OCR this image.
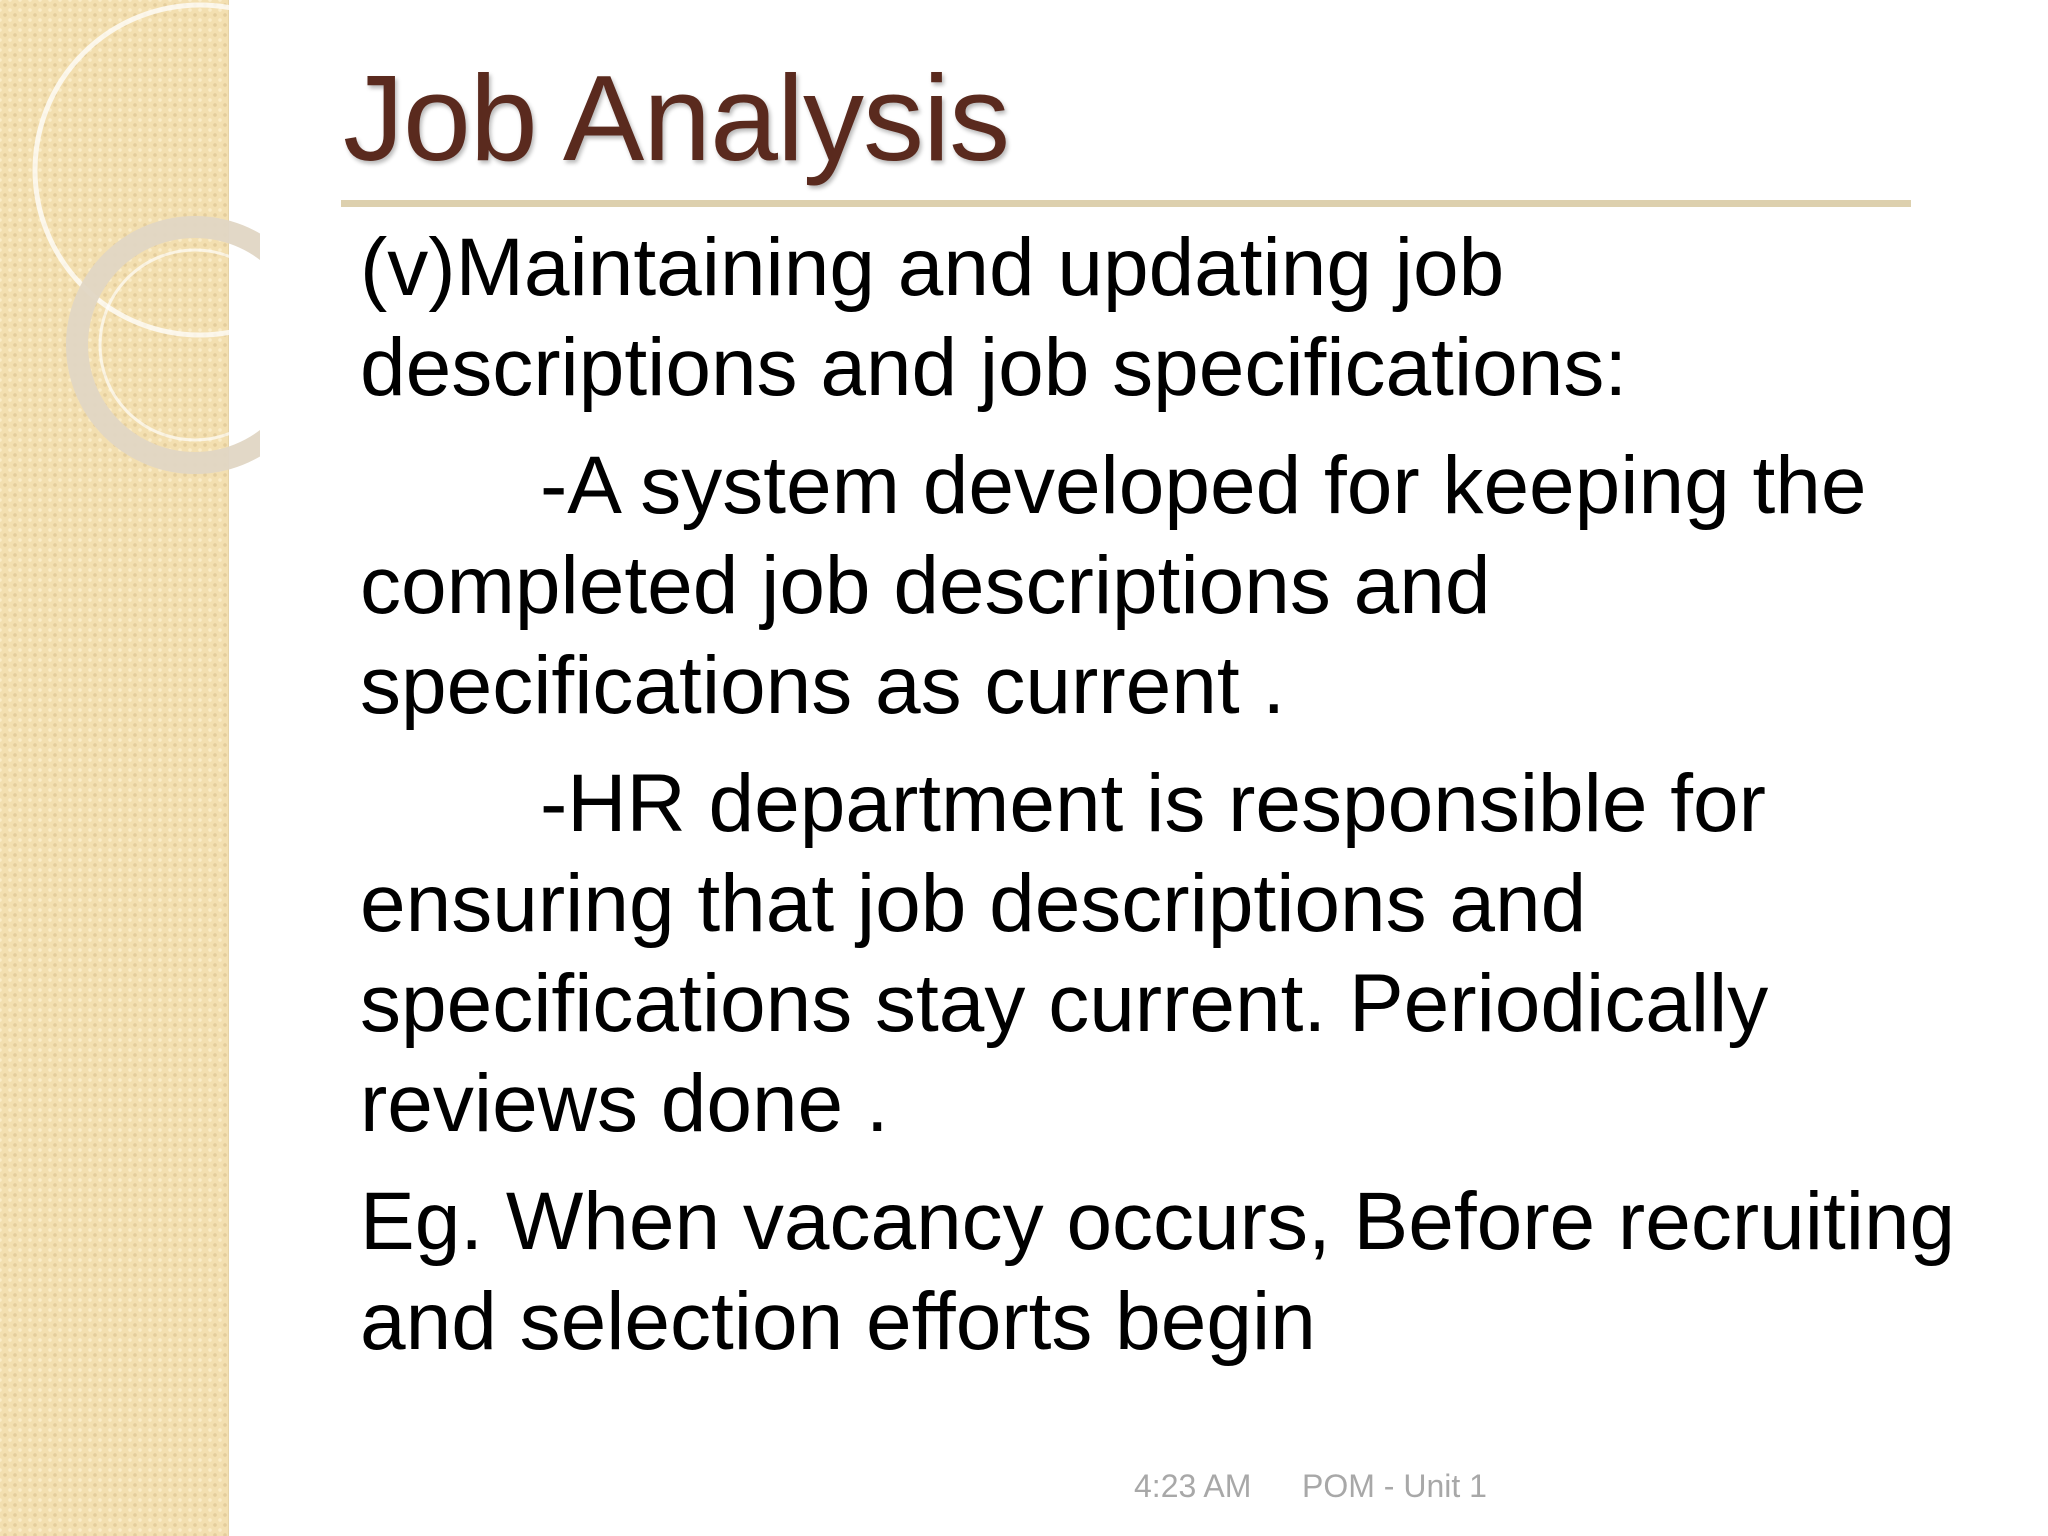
Job Analysis

(v)Maintaining and updating job descriptions and job specifications:

-A system developed for keeping the completed job descriptions and specifications as current .

-HR department is responsible for ensuring that job descriptions and specifications stay current. Periodically reviews done .

Eg. When vacancy occurs, Before recruiting and selection efforts begin

4:23 AM POM - Unit 1
